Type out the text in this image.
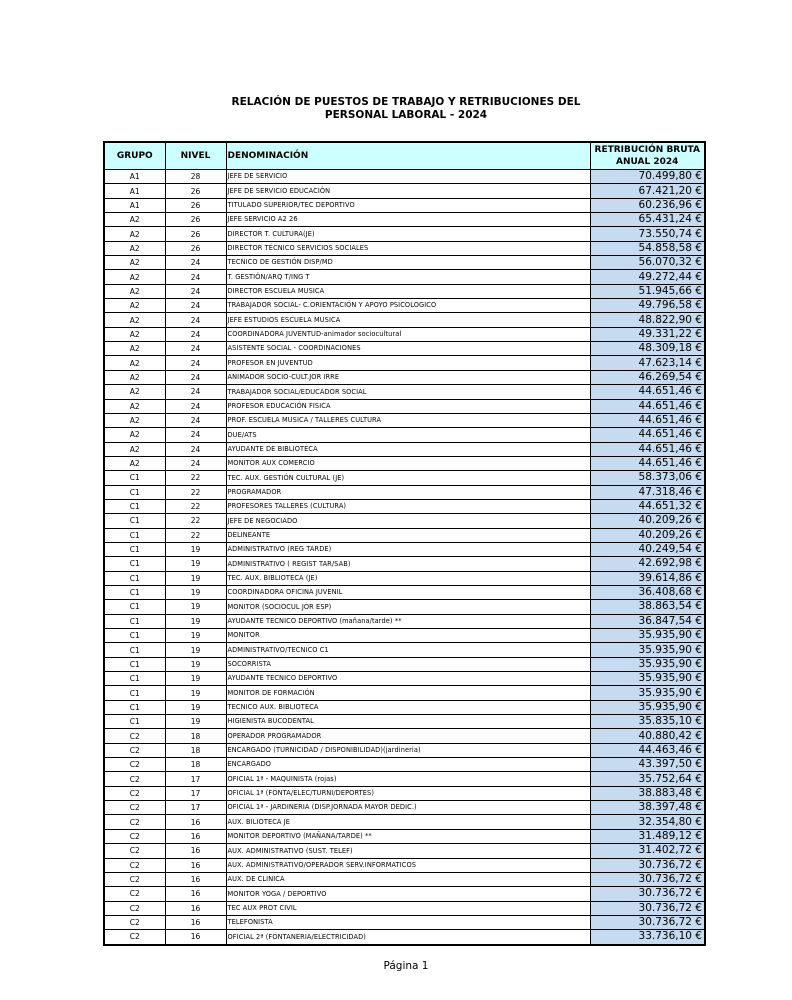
RELACIÓN DE PUESTOS DE TRABAJO Y RETRIBUCIONES DEL
PERSONAL LABORAL - 2024
GRUPO	NIVEL	DENOMINACIÓN	RETRIBUCIÓN BRUTA
ANUAL 2024

A1	28	JEFE DE SERVICIO	70.499,80 €
A1	26	JEFE DE SERVICIO EDUCACIÓN	67.421,20 €
A1	26	TITULADO SUPERIOR/TEC DEPORTIVO	60.236,96 €
A2	26	JEFE SERVICIO A2 26	65.431,24 €
A2	26	DIRECTOR T. CULTURA(JE)	73.550,74 €
A2	26	DIRECTOR TÉCNICO SERVICIOS SOCIALES	54.858,58 €
A2	24	TECNICO DE GESTIÓN DISP/MD	56.070,32 €
A2	24	T. GESTIÓN/ARQ T/ING T	49.272,44 €
A2	24	DIRECTOR ESCUELA MUSICA	51.945,66 €
A2	24	TRABAJADOR SOCIAL- C.ORIENTACIÓN Y APOYO PSICOLOGICO	49.796,58 €
A2	24	JEFE ESTUDIOS ESCUELA MUSICA	48.822,90 €
A2	24	COORDINADORA JUVENTUD-animador sociocultural	49.331,22 €
A2	24	ASISTENTE SOCIAL - COORDINACIONES	48.309,18 €
A2	24	PROFESOR EN JUVENTUD	47.623,14 €
A2	24	ANIMADOR SOCIO-CULT.JOR IRRE	46.269,54 €
A2	24	TRABAJADOR SOCIAL/EDUCADOR SOCIAL	44.651,46 €
A2	24	PROFESOR EDUCACIÓN FISICA	44.651,46 €
A2	24	PROF. ESCUELA MUSICA / TALLERES CULTURA	44.651,46 €
A2	24	DUE/ATS	44.651,46 €
A2	24	AYUDANTE DE BIBLIOTECA	44.651,46 €
A2	24	MONITOR AUX COMERCIO	44.651,46 €
C1	22	TEC. AUX. GESTIÓN CULTURAL (JE)	58.373,06 €
C1	22	PROGRAMADOR	47.318,46 €
C1	22	PROFESORES TALLERES (CULTURA)	44.651,32 €
C1	22	JEFE DE NEGOCIADO	40.209,26 €
C1	22	DELINEANTE	40.209,26 €
C1	19	ADMINISTRATIVO (REG TARDE)	40.249,54 €
C1	19	ADMINISTRATIVO ( REGIST TAR/SAB)	42.692,98 €
C1	19	TEC. AUX. BIBLIOTECA (JE)	39.614,86 €
C1	19	COORDINADORA OFICINA JUVENIL	36.408,68 €
C1	19	MONITOR (SOCIOCUL JOR ESP)	38.863,54 €
C1	19	AYUDANTE TECNICO DEPORTIVO (mañana/tarde) **	36.847,54 €
C1	19	MONITOR	35.935,90 €
C1	19	ADMINISTRATIVO/TECNICO C1	35.935,90 €
C1	19	SOCORRISTA	35.935,90 €
C1	19	AYUDANTE TECNICO DEPORTIVO	35.935,90 €
C1	19	MONITOR DE FORMACIÓN	35.935,90 €
C1	19	TECNICO AUX. BIBLIOTECA	35.935,90 €
C1	19	HIGIENISTA BUCODENTAL	35.835,10 €
C2	18	OPERADOR PROGRAMADOR	40.880,42 €
C2	18	ENCARGADO (TURNICIDAD / DISPONIBILIDAD)(jardineria)	44.463,46 €
C2	18	ENCARGADO	43.397,50 €
C2	17	OFICIAL 1ª - MAQUINISTA (rojas)	35.752,64 €
C2	17	OFICIAL 1ª (FONTA/ELEC/TURNI/DEPORTES)	38.883,48 €
C2	17	OFICIAL 1ª - JARDINERIA (DISP.JORNADA MAYOR DEDIC.)	38.397,48 €
C2	16	AUX. BILIOTECA JE	32.354,80 €
C2	16	MONITOR DEPORTIVO (MAÑANA/TARDE) **	31.489,12 €
C2	16	AUX. ADMINISTRATIVO (SUST. TELEF)	31.402,72 €
C2	16	AUX. ADMINISTRATIVO/OPERADOR SERV.INFORMATICOS	30.736,72 €
C2	16	AUX. DE CLINICA	30.736,72 €
C2	16	MONITOR YOGA / DEPORTIVO	30.736,72 €
C2	16	TEC AUX PROT CIVIL	30.736,72 €
C2	16	TELEFONISTA	30.736,72 €
C2	16	OFICIAL 2ª (FONTANERIA/ELECTRICIDAD)	33.736,10 €
Página 1
